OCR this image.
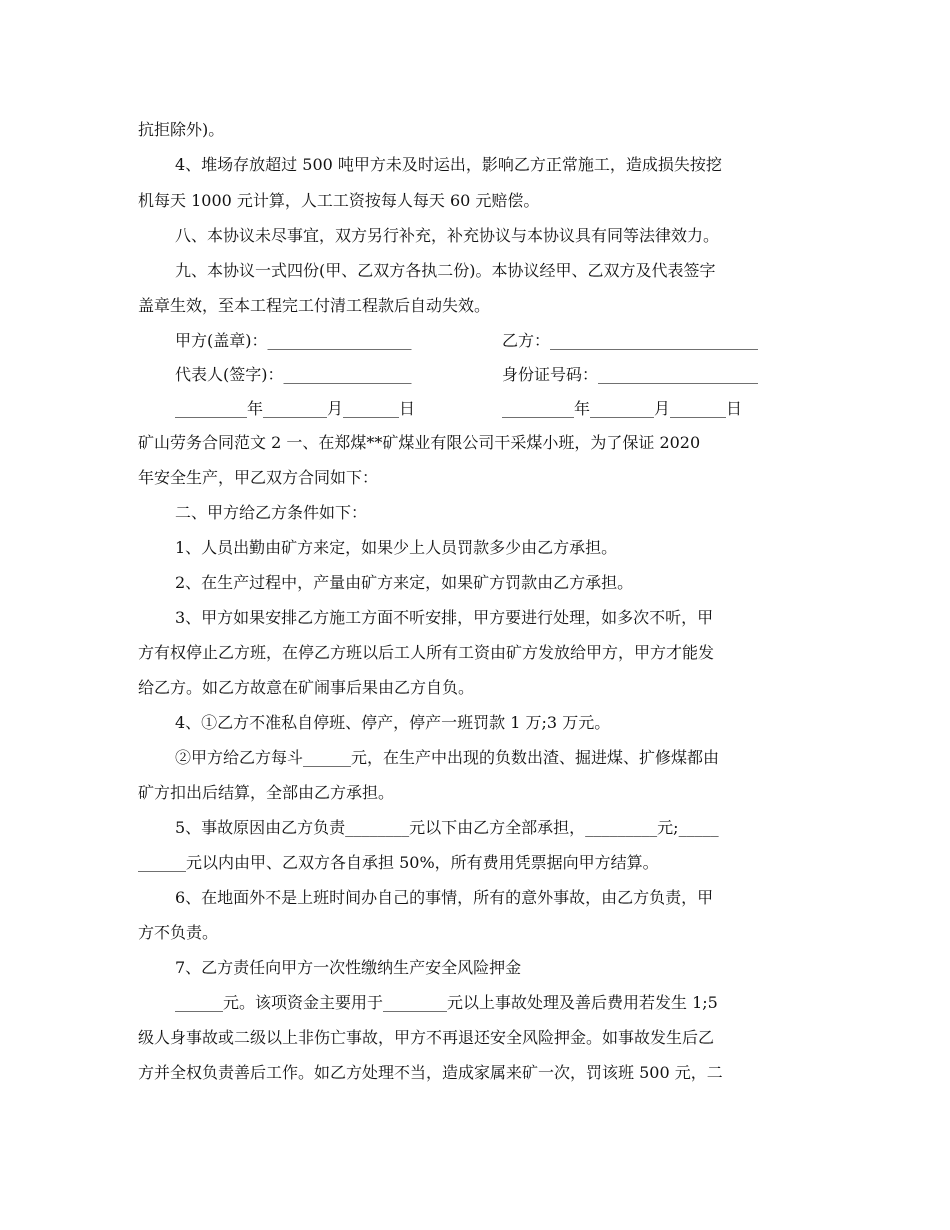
抗拒除外)。
4、堆场存放超过 500 吨甲方未及时运出，影响乙方正常施工，造成损失按挖
机每天 1000 元计算，人工工资按每人每天 60 元赔偿。
八、本协议未尽事宜，双方另行补充，补充协议与本协议具有同等法律效力。
九、本协议一式四份(甲、乙双方各执二份)。本协议经甲、乙双方及代表签字
盖章生效，至本工程完工付清工程款后自动失效。
甲方(盖章)：__________________	乙方：__________________________
代表人(签字)：________________	身份证号码：____________________
_________年________月_______日	_________年________月_______日
矿山劳务合同范文 2 一、在郑煤**矿煤业有限公司干采煤小班，为了保证 2020
年安全生产，甲乙双方合同如下：
二、甲方给乙方条件如下：
1、人员出勤由矿方来定，如果少上人员罚款多少由乙方承担。
2、在生产过程中，产量由矿方来定，如果矿方罚款由乙方承担。
3、甲方如果安排乙方施工方面不听安排，甲方要进行处理，如多次不听，甲
方有权停止乙方班，在停乙方班以后工人所有工资由矿方发放给甲方，甲方才能发
给乙方。如乙方故意在矿闹事后果由乙方自负。
4、①乙方不准私自停班、停产，停产一班罚款 1 万;3 万元。
②甲方给乙方每斗______元，在生产中出现的负数出渣、掘进煤、扩修煤都由
矿方扣出后结算，全部由乙方承担。
5、事故原因由乙方负责________元以下由乙方全部承担，_________元;_____
______元以内由甲、乙双方各自承担 50%，所有费用凭票据向甲方结算。
6、在地面外不是上班时间办自己的事情，所有的意外事故，由乙方负责，甲
方不负责。
7、乙方责任向甲方一次性缴纳生产安全风险押金
______元。该项资金主要用于________元以上事故处理及善后费用若发生 1;5
级人身事故或二级以上非伤亡事故，甲方不再退还安全风险押金。如事故发生后乙
方并全权负责善后工作。如乙方处理不当，造成家属来矿一次，罚该班 500 元，二
